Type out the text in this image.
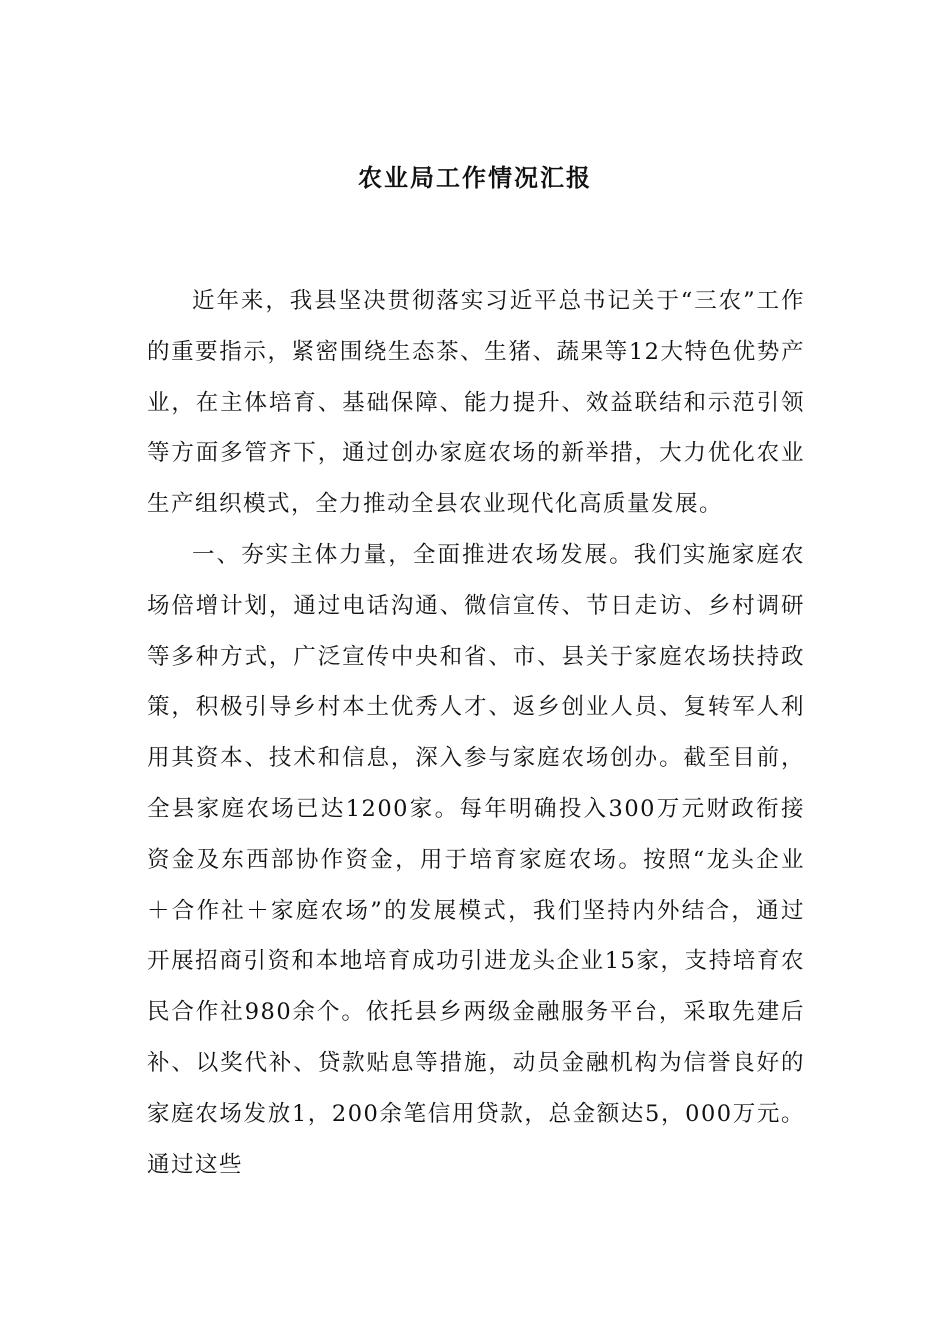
农业局工作情况汇报

近年来，我县坚决贯彻落实习近平总书记关于“三农”工作的重要指示，紧密围绕生态茶、生猪、蔬果等12大特色优势产业，在主体培育、基础保障、能力提升、效益联结和示范引领等方面多管齐下，通过创办家庭农场的新举措，大力优化农业生产组织模式，全力推动全县农业现代化高质量发展。

一、夯实主体力量，全面推进农场发展。我们实施家庭农场倍增计划，通过电话沟通、微信宣传、节日走访、乡村调研等多种方式，广泛宣传中央和省、市、县关于家庭农场扶持政策，积极引导乡村本土优秀人才、返乡创业人员、复转军人利用其资本、技术和信息，深入参与家庭农场创办。截至目前，全县家庭农场已达1200家。每年明确投入300万元财政衔接资金及东西部协作资金，用于培育家庭农场。按照“龙头企业＋合作社＋家庭农场”的发展模式，我们坚持内外结合，通过开展招商引资和本地培育成功引进龙头企业15家，支持培育农民合作社980余个。依托县乡两级金融服务平台，采取先建后补、以奖代补、贷款贴息等措施，动员金融机构为信誉良好的家庭农场发放1，200余笔信用贷款，总金额达5，000万元。通过这些
